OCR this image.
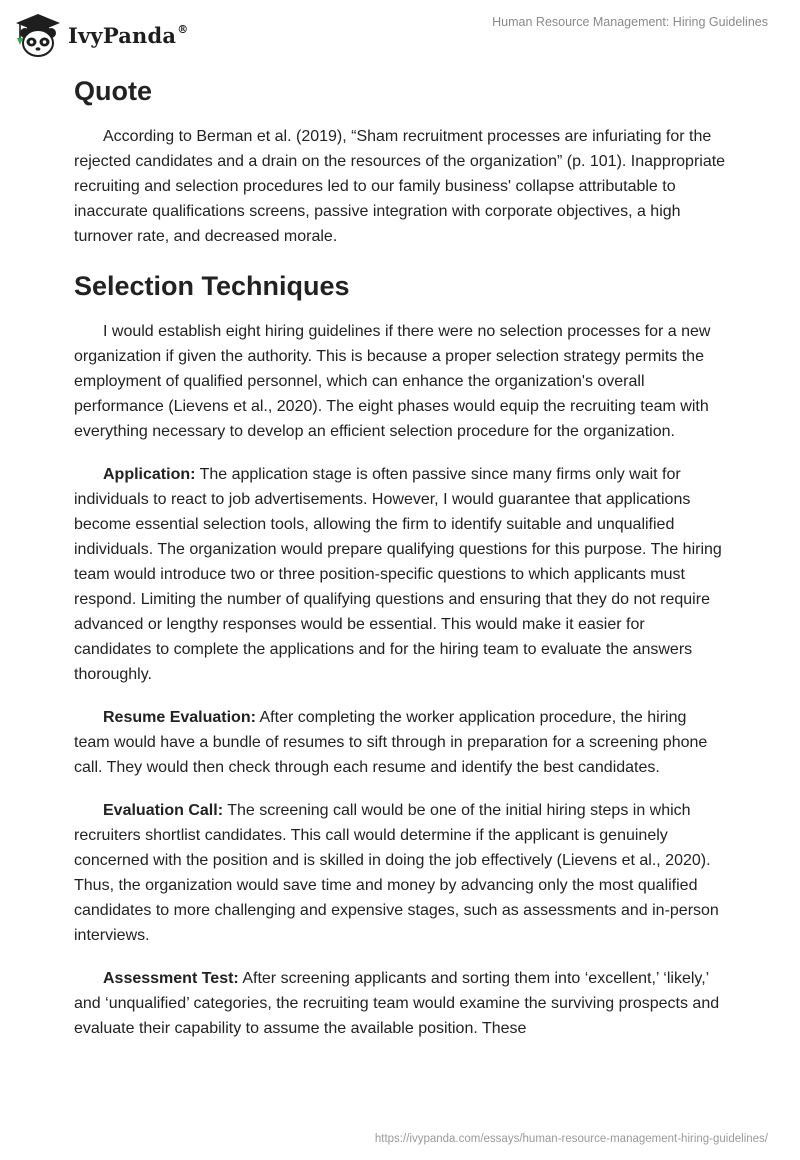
IvyPanda®	Human Resource Management: Hiring Guidelines
Quote

According to Berman et al. (2019), “Sham recruitment processes are infuriating for the rejected candidates and a drain on the resources of the organization” (p. 101). Inappropriate recruiting and selection procedures led to our family business' collapse attributable to inaccurate qualifications screens, passive integration with corporate objectives, a high turnover rate, and decreased morale.

Selection Techniques

I would establish eight hiring guidelines if there were no selection processes for a new organization if given the authority. This is because a proper selection strategy permits the employment of qualified personnel, which can enhance the organization's overall performance (Lievens et al., 2020). The eight phases would equip the recruiting team with everything necessary to develop an efficient selection procedure for the organization.

Application: The application stage is often passive since many firms only wait for individuals to react to job advertisements. However, I would guarantee that applications become essential selection tools, allowing the firm to identify suitable and unqualified individuals. The organization would prepare qualifying questions for this purpose. The hiring team would introduce two or three position-specific questions to which applicants must respond. Limiting the number of qualifying questions and ensuring that they do not require advanced or lengthy responses would be essential. This would make it easier for candidates to complete the applications and for the hiring team to evaluate the answers thoroughly.

Resume Evaluation: After completing the worker application procedure, the hiring team would have a bundle of resumes to sift through in preparation for a screening phone call. They would then check through each resume and identify the best candidates.

Evaluation Call: The screening call would be one of the initial hiring steps in which recruiters shortlist candidates. This call would determine if the applicant is genuinely concerned with the position and is skilled in doing the job effectively (Lievens et al., 2020). Thus, the organization would save time and money by advancing only the most qualified candidates to more challenging and expensive stages, such as assessments and in-person interviews.

Assessment Test: After screening applicants and sorting them into ‘excellent,’ ‘likely,’ and ‘unqualified’ categories, the recruiting team would examine the surviving prospects and evaluate their capability to assume the available position. These

https://ivypanda.com/essays/human-resource-management-hiring-guidelines/
